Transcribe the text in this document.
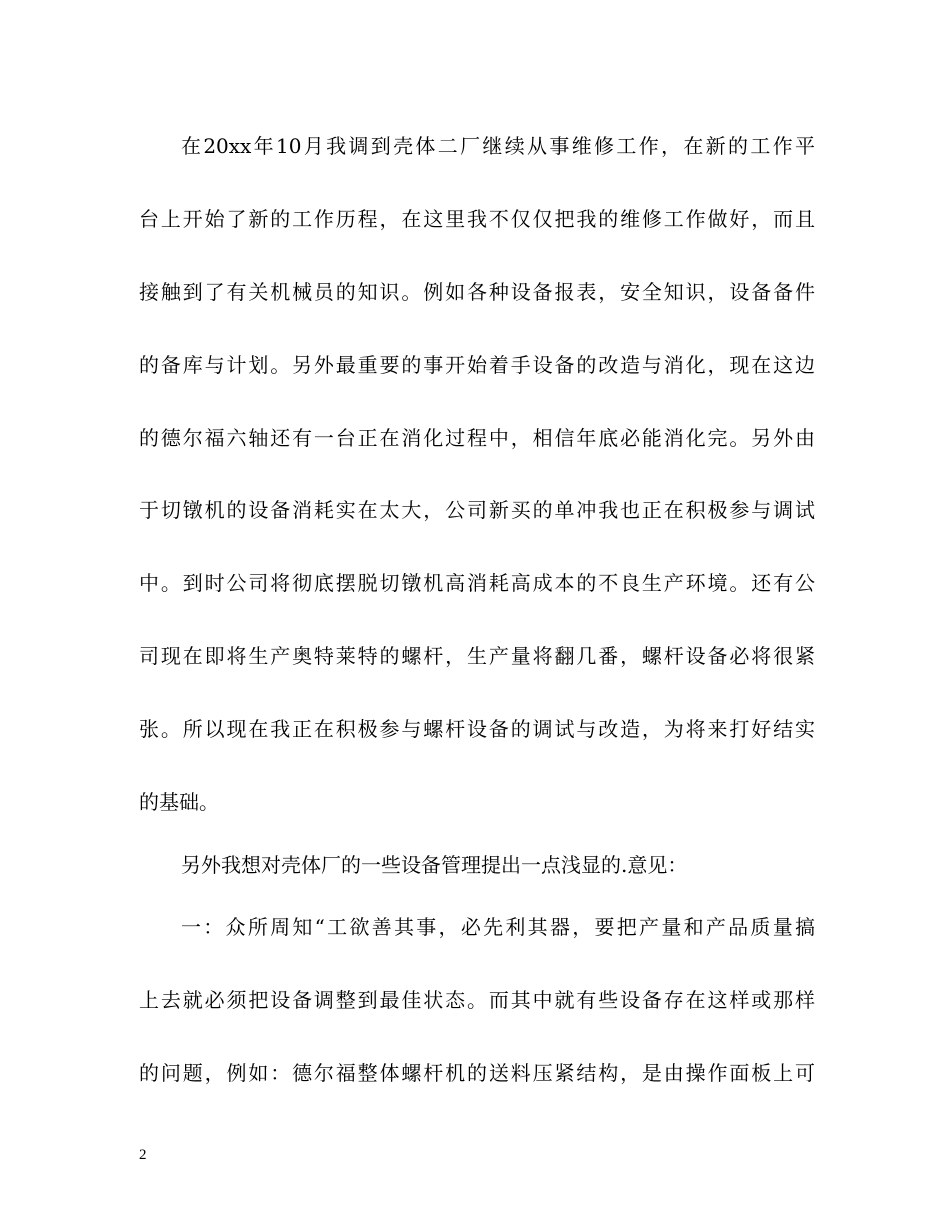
在20xx年10月我调到壳体二厂继续从事维修工作，在新的工作平
台上开始了新的工作历程，在这里我不仅仅把我的维修工作做好，而且
接触到了有关机械员的知识。例如各种设备报表，安全知识，设备备件
的备库与计划。另外最重要的事开始着手设备的改造与消化，现在这边
的德尔福六轴还有一台正在消化过程中，相信年底必能消化完。另外由
于切镦机的设备消耗实在太大，公司新买的单冲我也正在积极参与调试
中。到时公司将彻底摆脱切镦机高消耗高成本的不良生产环境。还有公
司现在即将生产奥特莱特的螺杆，生产量将翻几番，螺杆设备必将很紧
张。所以现在我正在积极参与螺杆设备的调试与改造，为将来打好结实
的基础。
另外我想对壳体厂的一些设备管理提出一点浅显的.意见：
一：众所周知“工欲善其事，必先利其器，要把产量和产品质量搞
上去就必须把设备调整到最佳状态。而其中就有些设备存在这样或那样
的问题，例如：德尔福整体螺杆机的送料压紧结构，是由操作面板上可
2
